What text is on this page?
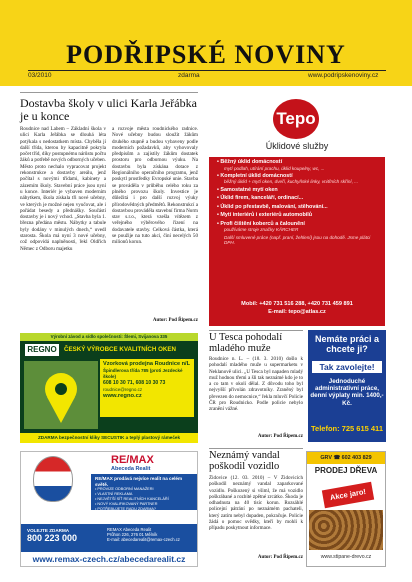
PODŘIPSKÉ NOVINY
03/2010	zdarma	www.podripskenoviny.cz
Dostavba školy v ulici Karla Jeřábka je u konce
Roudnice nad Labem – Základní škola v ulici Karla Jeřábka se dlouhá léta potýkala s nedostatkem místa. Chyběla jí další třída, kterou by kapacitně pokryla počet tříd, díky postupnému nárůstu počtu žáků a potřebě nových odborných učeben. Město proto nechalo vypracovat projekt rekonstrukce a dostavby areálu, jenž počítal s novými třídami, kabinety a zázemím školy. Stavební práce jsou nyní u konce. Interiér je vybaven moderním nábytkem, škola získala tři nové učebny, ve kterých je možné nejen vyučovat, ale i pořádat besedy a přednášky. Součástí dostavby je i nový vchod. „Stavba byla 1. března předána městu. Nábytky a tabule byly dodány v minulých dnech,“ uvedl starosta. Škola má nyní 3 nové učebny, což odpovídá naplněnosti, řekl Oldřich Němec z Odboru majetku
a rozvoje města roudnického radnice. Nové učebny budou sloužit žákům druhého stupně a budou vybaveny podle moderních požadavků, aby vyhovovaly předpisům a zajistily žákům dostatek prostoru pro odbornou výuku. Na dostavbu byla získána dotace z Regionálního operačního programu, jenž poskytl prostředky Evropské unie. Stavba se prováděla v průběhu celého roku za plného provozu školy. Investice je důležitá i pro další rozvoj výuky přírodovědných předmětů. Rekonstrukcí a dostavbou prováděla stavební firma Norm stav s.r.o., která vzešla vítězem z veřejného výběrového řízení na dodavatele stavby. Celková částka, která se použije na tuto akci, činí necelých 50 milionů korun.
Autor: Pod Řipem.cz
Tepo
Úklidové služby
• Běžný úklid domácností
mytí podlah, utírání prachu, úklid koupelny, wc, ...
• Kompletní úklid domácností
běžný úklid + mytí oken, dveří, kuchyňské linky, vnitřních skříní, ...
• Samostatné mytí oken
• Úklid firem, kanceláří, ordinací...
• Úklid po přestavbě, malování, stěhování...
• Mytí interiérů i exteriérů automobilů
• Profi čištění koberců a čalounění
používáme stroje značky KÄRCHER
Další smluvené práce (např. praní, žehlení) jsou na dohodě. Jsme plátci DPH.
Mobil: +420 731 516 288, +420 731 459 891
E-mail: tepo@atlas.cz
Výrobní závod a sídlo společnosti: Šlemi, Svijanova 335
REGNO	ČESKÝ VÝROBCE KVALITNÍCH OKEN
Vzorková prodejna Roudnice n/L
Špindlerova třída 785 (proti Jezdecké škole)
608 10 30 71, 608 10 30 73
roudnice@regno.cz
www.regno.cz
ZDARMA bezpečnostní kliky SECUSTIK a teplý plastový rámeček
U Tesca pohodalí mladého muže
Roudnice n. L. – (18. 3. 2010) došlo k pohodalí mladého muže u supermarketu v Neklanově ulici. „U Tesca byl napaden mladý muž hodnou třemi a šli tak neznámé kdo je to a co tam v okolí dělal. Z důvodu toho byl nejvyšší přivolán zdravotníky. Zraněný byl převezen do nemocnice,“ řekla mluvčí Policie ČR pro Roudnicko. Podle policie nebylo zranění vážné.
Autor: Pod Řipem.cz
Nemáte práci a chcete ji?
Tak zavolejte!
Jednoduché administrativní práce, denní výplaty min. 1400,- Kč.
Telefon: 725 615 411
RE/MAX
Abeceda Realit
RE/MAX prodává nejvíce realit na celém světě.
• PROVIZE ODBORNÍ MANAŽERI
• VLASTNÍ REKLAMA
• NEJVĚTŠÍ SÍŤ REALITNÍCH KANCELÁŘÍ
• NOVÝ KVALIFIKOVANÝ PARTNER
• POTŘEBUJETE RADU ZDARMA?
VOLEJTE ZDARMA
800 223 000
REMAX Abeceda Realit
Průhon 226, 276 01 Mělník
E-mail: abecedarealit@remax-czech.cz
www.remax-czech.cz/abecedarealit.cz
Neznámý vandal poškodil vozidlo
Židovice (12. 03. 2010) – V Židovicích poškodil neznámý vandal zaparkované vozidlo. Poškozený si všiml, že má vozidlo poškrábané a rozbité zpětné zrcátko. Škoda je odhadnuta na 40 tisíc korun. Rozsáhlé policejní pátrání po neznámém pachateli, který zatím nebyl dopaden, pokračuje. Policie žádá o pomoc svědky, kteří by mohli k případu poskytnout informace.
Autor: Pod Řipem.cz
GRV ☎ 602 403 829
PRODEJ DŘEVA
Akce jaro!
www.stipane-drevo.cz
